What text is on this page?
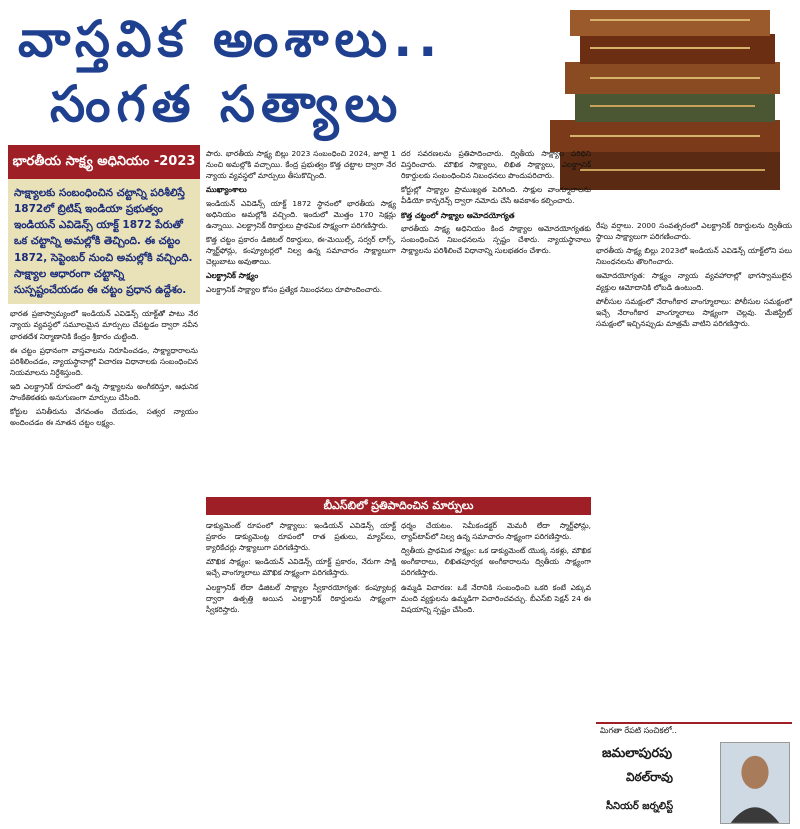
వాస్తవిక అంశాలు..
సంగత సత్యాలు
భారతీయ సాక్ష్య అధినియం -2023
సాక్ష్యాలకు సంబంధించిన చట్టాన్ని పరిశీలిస్తే 1872లో బ్రిటిష్ ఇండియా ప్రభుత్వం ఇండియన్ ఎవిడెన్స్ యాక్ట్ 1872 పేరుతో ఒక చట్టాన్ని అమల్లోకి తెచ్చింది. ఈ చట్టం 1872, సెప్టెంబర్ నుంచి అమల్లోకి వచ్చింది. సాక్ష్యాల ఆధారంగా చట్టాన్ని సుస్పష్టంచేయడం ఈ చట్టం ప్రధాన ఉద్దేశం.

భారత ప్రజాస్వామ్యంలో ఇండియన్ ఎవిడెన్స్ యాక్ట్‌తో పాటు నేర న్యాయ వ్యవస్థలో సమూలమైన మార్పులు చేపట్టడం ద్వారా నవీన భారతదేశ నిర్మాణానికి కేంద్రం శ్రీకారం చుట్టింది.

ఈ చట్టం ప్రధానంగా వాస్తవాలను నిరూపించడం, సాక్ష్యాధారాలను పరిశీలించడం, న్యాయస్థానాల్లో విచారణ విధానాలకు సంబంధించిన నియమాలను నిర్దేశిస్తుంది.

ఇది ఎలక్ట్రానిక్ రూపంలో ఉన్న సాక్ష్యాలను అంగీకరిస్తూ, ఆధునిక సాంకేతికతకు అనుగుణంగా మార్పులు చేసింది.

కోర్టుల పనితీరును వేగవంతం చేయడం, సత్వర న్యాయం అందించడం ఈ నూతన చట్టం లక్ష్యం.

పారు. భారతీయ సాక్ష్య బిల్లు 2023 సంబంధించి 2024, జూలై 1 నుంచి అమల్లోకి వచ్చాయి. కేంద్ర ప్రభుత్వం కొత్త చట్టాల ద్వారా నేర న్యాయ వ్యవస్థలో మార్పులు తీసుకొచ్చింది.

ముఖ్యాంశాలు

ఇండియన్ ఎవిడెన్స్ యాక్ట్ 1872 స్థానంలో భారతీయ సాక్ష్య అధినియం అమల్లోకి వచ్చింది. ఇందులో మొత్తం 170 సెక్షన్లు ఉన్నాయి. ఎలక్ట్రానిక్ రికార్డులు ప్రాథమిక సాక్ష్యంగా పరిగణిస్తారు.

కొత్త చట్టం ప్రకారం డిజిటల్ రికార్డులు, ఈ-మెయిల్స్, సర్వర్ లాగ్స్, స్మార్ట్‌ఫోన్లు, కంప్యూటర్లలో నిల్వ ఉన్న సమాచారం సాక్ష్యాలుగా చెల్లుబాటు అవుతాయి.

ఎలక్ట్రానిక్ సాక్ష్యం

ఎలక్ట్రానిక్ సాక్ష్యాల కోసం ప్రత్యేక నిబంధనలు రూపొందించారు.

దర సవరణలను ప్రతిపాదించారు. ద్వితీయ సాక్ష్యాల పరిధిని విస్తరించారు. మౌఖిక సాక్ష్యాలు, లిఖిత సాక్ష్యాలు, ఎలక్ట్రానిక్ రికార్డులకు సంబంధించిన నిబంధనలు పొందుపరిచారు.

కోర్టుల్లో సాక్ష్యాల ప్రాముఖ్యత పెరిగింది. సాక్షుల వాంగ్మూలాలను వీడియో కాన్ఫరెన్స్ ద్వారా నమోదు చేసే అవకాశం కల్పించారు.

కొత్త చట్టంలో సాక్ష్యాల ఆమోదయోగ్యత

భారతీయ సాక్ష్య అధినియం కింద సాక్ష్యాల ఆమోదయోగ్యతకు సంబంధించిన నిబంధనలను స్పష్టం చేశారు. న్యాయస్థానాలు సాక్ష్యాలను పరిశీలించే విధానాన్ని సులభతరం చేశారు.

రేపు వర్షాలు. 2000 సంవత్సరంలో ఎలక్ట్రానిక్ రికార్డులను ద్వితీయ స్థాయి సాక్ష్యాలుగా పరిగణించారు.

భారతీయ సాక్ష్య బిల్లు 2023లో ఇండియన్ ఎవిడెన్స్ యాక్ట్‌లోని పలు నిబంధనలను తొలగించారు.

ఆమోదయోగ్యత: సాక్ష్యం న్యాయ వ్యవహారాల్లో భాగస్వాములైన వ్యక్తుల ఆమోదానికి లోబడి ఉంటుంది.

పోలీసుల సమక్షంలో నేరాంగీకార వాంగ్మూలాలు: పోలీసుల సమక్షంలో ఇచ్చే నేరాంగీకార వాంగ్మూలాలు సాక్ష్యంగా చెల్లవు. మేజిస్ట్రేట్ సమక్షంలో ఇచ్చినప్పుడు మాత్రమే వాటిని పరిగణిస్తారు.

బీఎస్‌బిలో ప్రతిపాదించిన మార్పులు

డాక్యుమెంట్ రూపంలో సాక్ష్యాలు: ఇండియన్ ఎవిడెన్స్ యాక్ట్ ప్రకారం డాక్యుమెంట్ల రూపంలో రాత ప్రతులు, మ్యాప్‌లు, క్యారికేచర్లు సాక్ష్యాలుగా పరిగణిస్తారు.

మౌఖిక సాక్ష్యం: ఇండియన్ ఎవిడెన్స్ యాక్ట్ ప్రకారం, నేరుగా సాక్షి ఇచ్చే వాంగ్మూలాలు మౌఖిక సాక్ష్యంగా పరిగణిస్తారు.

ఎలక్ట్రానిక్ లేదా డిజిటల్ సాక్ష్యాల స్వీకారయోగ్యత: కంప్యూటర్ల ద్వారా ఉత్పత్తి అయిన ఎలక్ట్రానిక్ రికార్డులను సాక్ష్యంగా స్వీకరిస్తారు.

ధర్మం చేయటం. సెమీకండక్టర్ మెమరీ లేదా స్మార్ట్‌ఫోన్లు, ల్యాప్‌టాప్‌లో నిల్వ ఉన్న సమాచారం సాక్ష్యంగా పరిగణిస్తారు.

ద్వితీయ ప్రాథమిక సాక్ష్యం: ఒక డాక్యుమెంట్ యొక్క నకళ్లు, మౌఖిక అంగీకారాలు, లిఖితపూర్వక అంగీకారాలను ద్వితీయ సాక్ష్యంగా పరిగణిస్తారు.

ఉమ్మడి విచారణ: ఒకే నేరానికి సంబంధించి ఒకరి కంటే ఎక్కువ మంది వ్యక్తులను ఉమ్మడిగా విచారించవచ్చు. బీఎస్‌బి సెక్షన్ 24 ఈ విషయాన్ని స్పష్టం చేసింది.

మిగతా రేపటి సంచికలో..
జమలాపురపు
విఠల్‌రావు
సీనియర్ జర్నలిస్ట్
